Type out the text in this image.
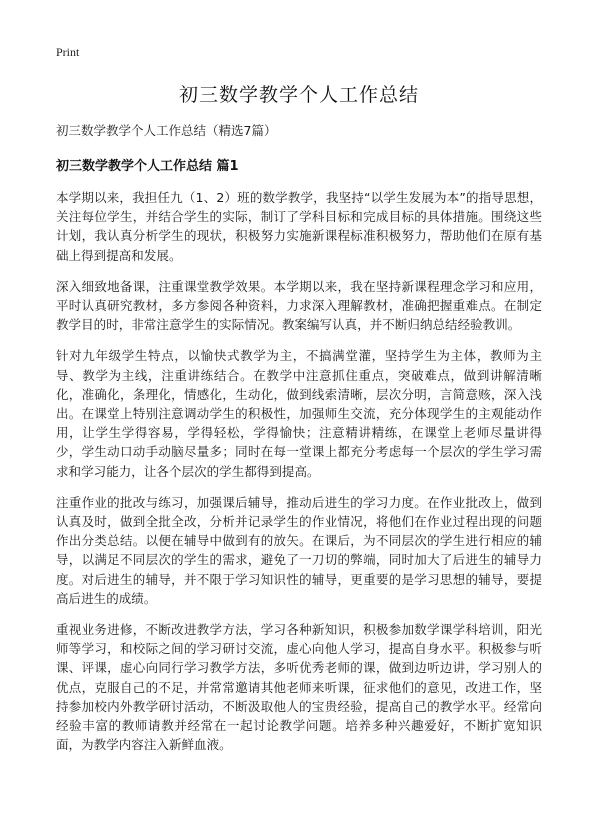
Print
初三数学教学个人工作总结
初三数学教学个人工作总结（精选7篇）
初三数学教学个人工作总结 篇1

本学期以来，我担任九（1、2）班的数学教学，我坚持“以学生发展为本”的指导思想，关注每位学生，并结合学生的实际，制订了学科目标和完成目标的具体措施。围绕这些计划，我认真分析学生的现状，积极努力实施新课程标准积极努力，帮助他们在原有基础上得到提高和发展。

深入细致地备课，注重课堂教学效果。本学期以来，我在坚持新课程理念学习和应用，平时认真研究教材，多方参阅各种资料，力求深入理解教材，准确把握重难点。在制定教学目的时，非常注意学生的实际情况。教案编写认真，并不断归纳总结经验教训。

针对九年级学生特点，以愉快式教学为主，不搞满堂灌，坚持学生为主体，教师为主导、教学为主线，注重讲练结合。在教学中注意抓住重点，突破难点，做到讲解清晰化，准确化，条理化，情感化，生动化，做到线索清晰，层次分明，言简意赅，深入浅出。在课堂上特别注意调动学生的积极性，加强师生交流，充分体现学生的主观能动作用，让学生学得容易，学得轻松，学得愉快；注意精讲精练，在课堂上老师尽量讲得少，学生动口动手动脑尽量多；同时在每一堂课上都充分考虑每一个层次的学生学习需求和学习能力，让各个层次的学生都得到提高。

注重作业的批改与练习，加强课后辅导，推动后进生的学习力度。在作业批改上，做到认真及时，做到全批全改，分析并记录学生的作业情况，将他们在作业过程出现的问题作出分类总结。以便在辅导中做到有的放矢。在课后，为不同层次的学生进行相应的辅导，以满足不同层次的学生的需求，避免了一刀切的弊端，同时加大了后进生的辅导力度。对后进生的辅导，并不限于学习知识性的辅导，更重要的是学习思想的辅导，要提高后进生的成绩。

重视业务进修，不断改进教学方法，学习各种新知识，积极参加数学课学科培训，阳光师等学习，和校际之间的学习研讨交流，虚心向他人学习，提高自身水平。积极参与听课、评课，虚心向同行学习教学方法，多听优秀老师的课，做到边听边讲，学习别人的优点，克服自己的不足，并常常邀请其他老师来听课，征求他们的意见，改进工作，坚持参加校内外教学研讨活动，不断汲取他人的宝贵经验，提高自己的教学水平。经常向经验丰富的教师请教并经常在一起讨论教学问题。培养多种兴趣爱好，不断扩宽知识面，为教学内容注入新鲜血液。
